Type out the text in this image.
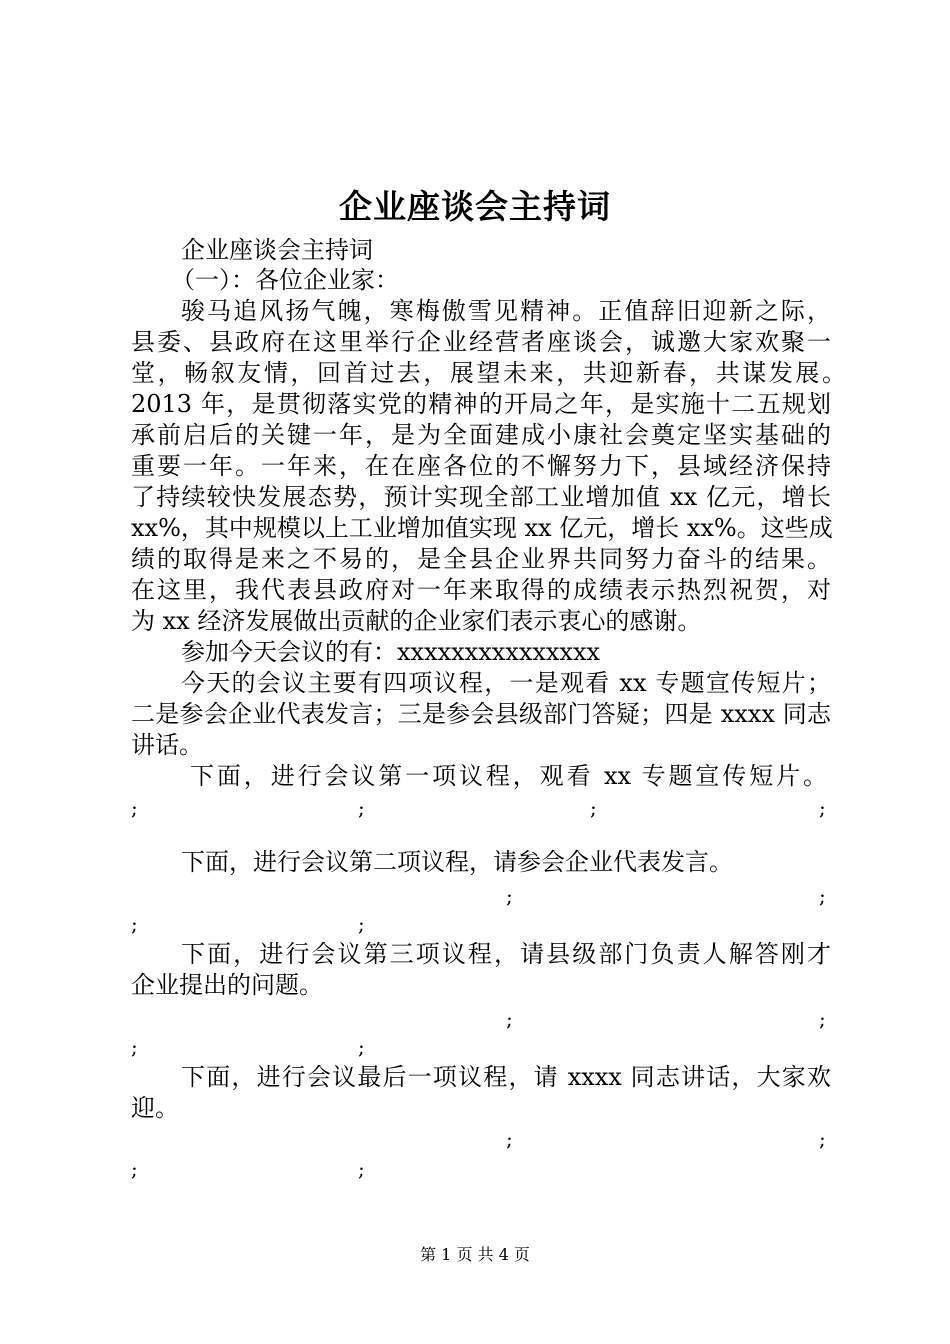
企业座谈会主持词
企业座谈会主持词
（一）：各位企业家：
骏马追风扬气魄，寒梅傲雪见精神。正值辞旧迎新之际，
县委、县政府在这里举行企业经营者座谈会，诚邀大家欢聚一
堂，畅叙友情，回首过去，展望未来，共迎新春，共谋发展。
2013 年，是贯彻落实党的精神的开局之年，是实施十二五规划
承前启后的关键一年，是为全面建成小康社会奠定坚实基础的
重要一年。一年来，在在座各位的不懈努力下，县域经济保持
了持续较快发展态势，预计实现全部工业增加值 xx 亿元，增长
xx%，其中规模以上工业增加值实现 xx 亿元，增长 xx%。这些成
绩的取得是来之不易的，是全县企业界共同努力奋斗的结果。
在这里，我代表县政府对一年来取得的成绩表示热烈祝贺，对
为 xx 经济发展做出贡献的企业家们表示衷心的感谢。
参加今天会议的有：xxxxxxxxxxxxxxx
今天的会议主要有四项议程，一是观看 xx 专题宣传短片；
二是参会企业代表发言；三是参会县级部门答疑；四是 xxxx 同志
讲话。
下面，进行会议第一项议程，观看 xx 专题宣传短片。
;	;	;	;
下面，进行会议第二项议程，请参会企业代表发言。
;	;
;	;
下面，进行会议第三项议程，请县级部门负责人解答刚才
企业提出的问题。
;	;
;	;
下面，进行会议最后一项议程，请 xxxx 同志讲话，大家欢
迎。
;	;
;	;
第 1 页 共 4 页
